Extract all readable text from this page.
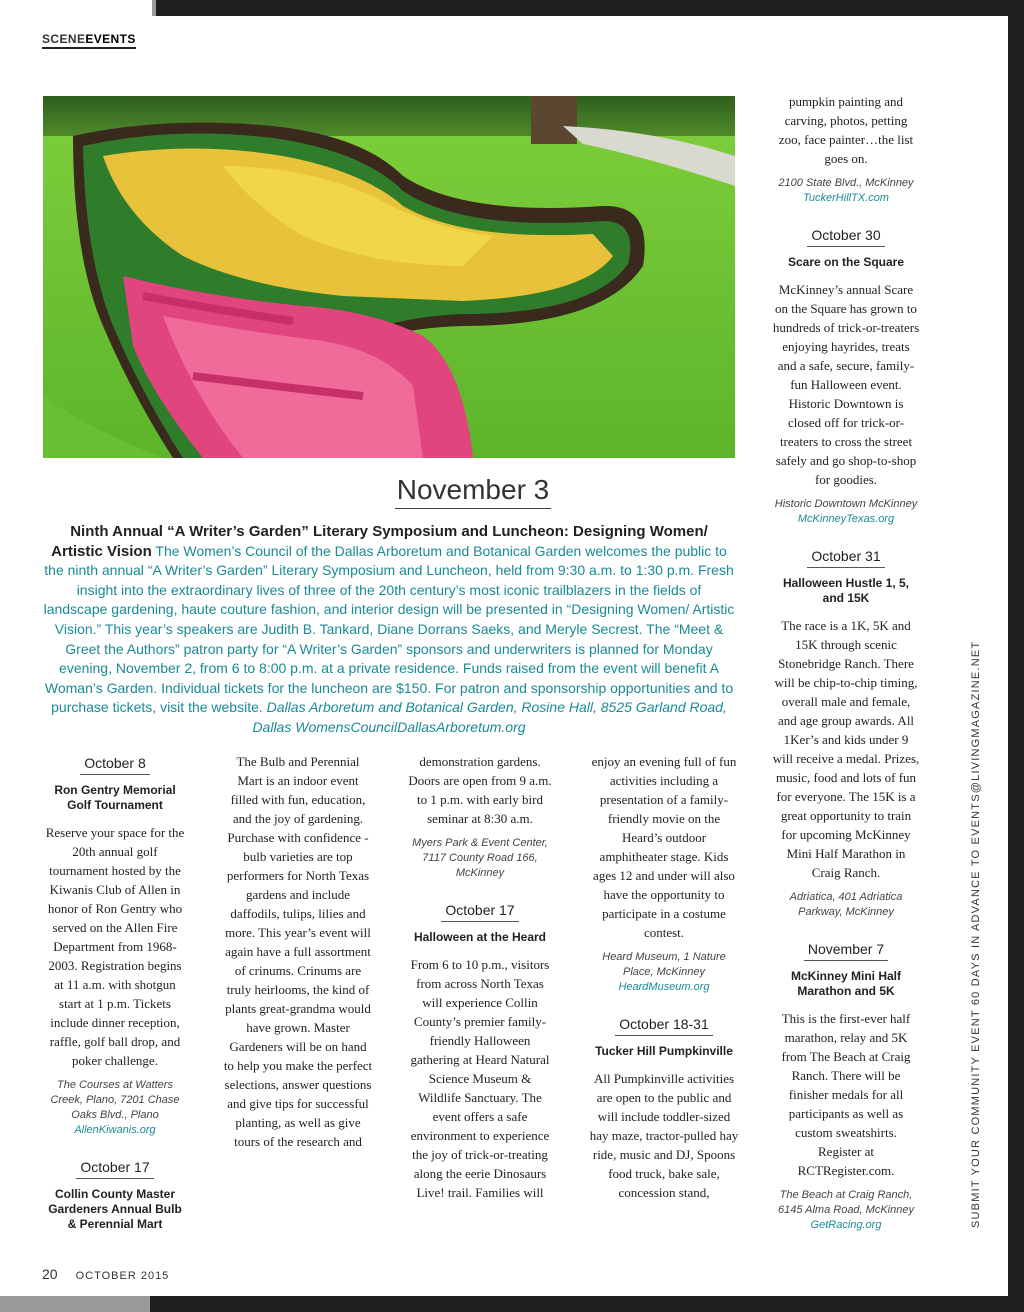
SCENEEVENTS
November 3
Ninth Annual “A Writer’s Garden” Literary Symposium and Luncheon: Designing Women/ Artistic Vision The Women’s Council of the Dallas Arboretum and Botanical Garden welcomes the public to the ninth annual “A Writer’s Garden” Literary Symposium and Luncheon, held from 9:30 a.m. to 1:30 p.m. Fresh insight into the extraordinary lives of three of the 20th century’s most iconic trailblazers in the fields of landscape gardening, haute couture fashion, and interior design will be presented in “Designing Women/ Artistic Vision.” This year’s speakers are Judith B. Tankard, Diane Dorrans Saeks, and Meryle Secrest. The “Meet & Greet the Authors” patron party for “A Writer’s Garden” sponsors and underwriters is planned for Monday evening, November 2, from 6 to 8:00 p.m. at a private residence. Funds raised from the event will benefit A Woman’s Garden. Individual tickets for the luncheon are $150. For patron and sponsorship opportunities and to purchase tickets, visit the website. Dallas Arboretum and Botanical Garden, Rosine Hall, 8525 Garland Road, Dallas WomensCouncilDallasArboretum.org
October 8
Ron Gentry Memorial Golf Tournament
Reserve your space for the 20th annual golf tournament hosted by the Kiwanis Club of Allen in honor of Ron Gentry who served on the Allen Fire Department from 1968-2003. Registration begins at 11 a.m. with shotgun start at 1 p.m. Tickets include dinner reception, raffle, golf ball drop, and poker challenge.
The Courses at Watters Creek, Plano, 7201 Chase Oaks Blvd., Plano
AllenKiwanis.org
October 17
Collin County Master Gardeners Annual Bulb & Perennial Mart
The Bulb and Perennial Mart is an indoor event filled with fun, education, and the joy of gardening. Purchase with confidence - bulb varieties are top performers for North Texas gardens and include daffodils, tulips, lilies and more. This year’s event will again have a full assortment of crinums. Crinums are truly heirlooms, the kind of plants great-grandma would have grown. Master Gardeners will be on hand to help you make the perfect selections, answer questions and give tips for successful planting, as well as give tours of the research and
demonstration gardens. Doors are open from 9 a.m. to 1 p.m. with early bird seminar at 8:30 a.m.
Myers Park & Event Center, 7117 County Road 166, McKinney
October 17
Halloween at the Heard
From 6 to 10 p.m., visitors from across North Texas will experience Collin County’s premier family-friendly Halloween gathering at Heard Natural Science Museum & Wildlife Sanctuary. The event offers a safe environment to experience the joy of trick-or-treating along the eerie Dinosaurs Live! trail. Families will
enjoy an evening full of fun activities including a presentation of a family-friendly movie on the Heard’s outdoor amphitheater stage. Kids ages 12 and under will also have the opportunity to participate in a costume contest.
Heard Museum, 1 Nature Place, McKinney
HeardMuseum.org
October 18-31
Tucker Hill Pumpkinville
All Pumpkinville activities are open to the public and will include toddler-sized hay maze, tractor-pulled hay ride, music and DJ, Spoons food truck, bake sale, concession stand,
pumpkin painting and carving, photos, petting zoo, face painter…the list goes on.
2100 State Blvd., McKinney
TuckerHillTX.com
October 30
Scare on the Square
McKinney’s annual Scare on the Square has grown to hundreds of trick-or-treaters enjoying hayrides, treats and a safe, secure, family-fun Halloween event. Historic Downtown is closed off for trick-or-treaters to cross the street safely and go shop-to-shop for goodies.
Historic Downtown McKinney
McKinneyTexas.org
October 31
Halloween Hustle 1, 5, and 15K
The race is a 1K, 5K and 15K through scenic Stonebridge Ranch. There will be chip-to-chip timing, overall male and female, and age group awards. All 1Ker’s and kids under 9 will receive a medal. Prizes, music, food and lots of fun for everyone. The 15K is a great opportunity to train for upcoming McKinney Mini Half Marathon in Craig Ranch.
Adriatica, 401 Adriatica Parkway, McKinney
November 7
McKinney Mini Half Marathon and 5K
This is the first-ever half marathon, relay and 5K from The Beach at Craig Ranch. There will be finisher medals for all participants as well as custom sweatshirts. Register at RCTRegister.com.
The Beach at Craig Ranch, 6145 Alma Road, McKinney
GetRacing.org	SUBMIT YOUR COMMUNITY EVENT 60 DAYS IN ADVANCE TO EVENTS@LIVINGMAGAZINE.NET
20 OCTOBER 2015
